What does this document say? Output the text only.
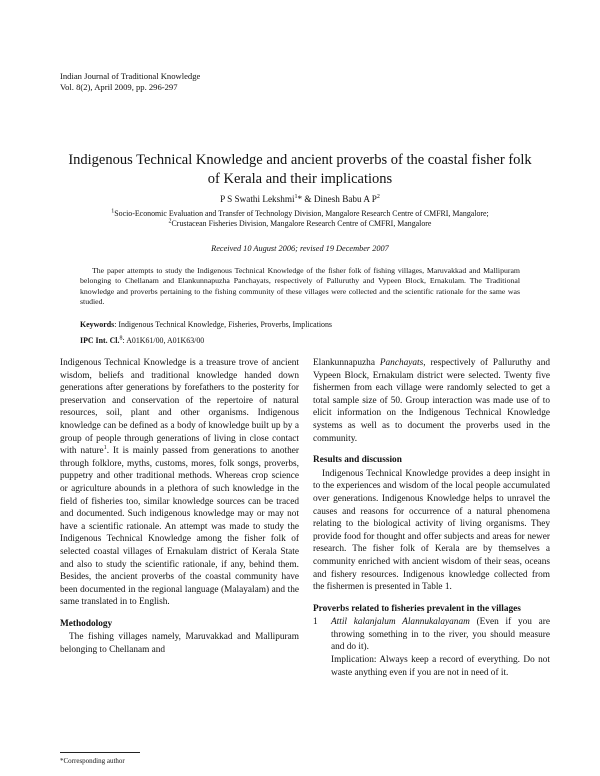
Indian Journal of Traditional Knowledge
Vol. 8(2), April 2009, pp. 296-297
Indigenous Technical Knowledge and ancient proverbs of the coastal fisher folk
of Kerala and their implications
P S Swathi Lekshmi$^1$* & Dinesh Babu A $P^2$
$^1$Socio-Economic Evaluation and Transfer of Technology Division, Mangalore Research Centre of CMFRI, Mangalore;
$^2$Crustacean Fisheries Division, Mangalore Research Centre of CMFRI, Mangalore
Received 10 August 2006; revised 19 December 2007

The paper attempts to study the Indigenous Technical Knowledge of the fisher folk of fishing villages, Maruvakkad and Mallipuram belonging to Chellanam and Elankunnapuzha Panchayats, respectively of Palluruthy and Vypeen Block, Ernakulam. The Traditional knowledge and proverbs pertaining to the fishing community of these villages were collected and the scientific rationale for the same was studied.

Keywords: Indigenous Technical Knowledge, Fisheries, Proverbs, Implications
IPC Int. Cl.$^8$: A01K61/00, A01K63/00

Indigenous Technical Knowledge is a treasure trove of ancient wisdom, beliefs and traditional knowledge handed down generations after generations by forefathers to the posterity for preservation and conservation of the repertoire of natural resources, soil, plant and other organisms. Indigenous knowledge can be defined as a body of knowledge built up by a group of people through generations of living in close contact with nature$^1$. It is mainly passed from generations to another through folklore, myths, customs, mores, folk songs, proverbs, puppetry and other traditional methods. Whereas crop science or agriculture abounds in a plethora of such knowledge in the field of fisheries too, similar knowledge sources can be traced and documented. Such indigenous knowledge may or may not have a scientific rationale. An attempt was made to study the Indigenous Technical Knowledge among the fisher folk of selected coastal villages of Ernakulam district of Kerala State and also to study the scientific rationale, if any, behind them. Besides, the ancient proverbs of the coastal community have been documented in the regional language (Malayalam) and the same translated in to English.

Methodology

The fishing villages namely, Maruvakkad and Mallipuram belonging to Chellanam and

Elankunnapuzha Panchayats, respectively of Palluruthy and Vypeen Block, Ernakulam district were selected. Twenty five fishermen from each village were randomly selected to get a total sample size of 50. Group interaction was made use of to elicit information on the Indigenous Technical Knowledge systems as well as to document the proverbs used in the community.

Results and discussion

Indigenous Technical Knowledge provides a deep insight in to the experiences and wisdom of the local people accumulated over generations. Indigenous Knowledge helps to unravel the causes and reasons for occurrence of a natural phenomena relating to the biological activity of living organisms. They provide food for thought and offer subjects and areas for newer research. The fisher folk of Kerala are by themselves a community enriched with ancient wisdom of their seas, oceans and fishery resources. Indigenous knowledge collected from the fishermen is presented in Table 1.

Proverbs related to fisheries prevalent in the villages

1	Attil kalanjalum Alannukalayanam (Even if you are throwing something in to the river, you should measure and do it).

Implication: Always keep a record of everything. Do not waste anything even if you are not in need of it.

*Corresponding author
